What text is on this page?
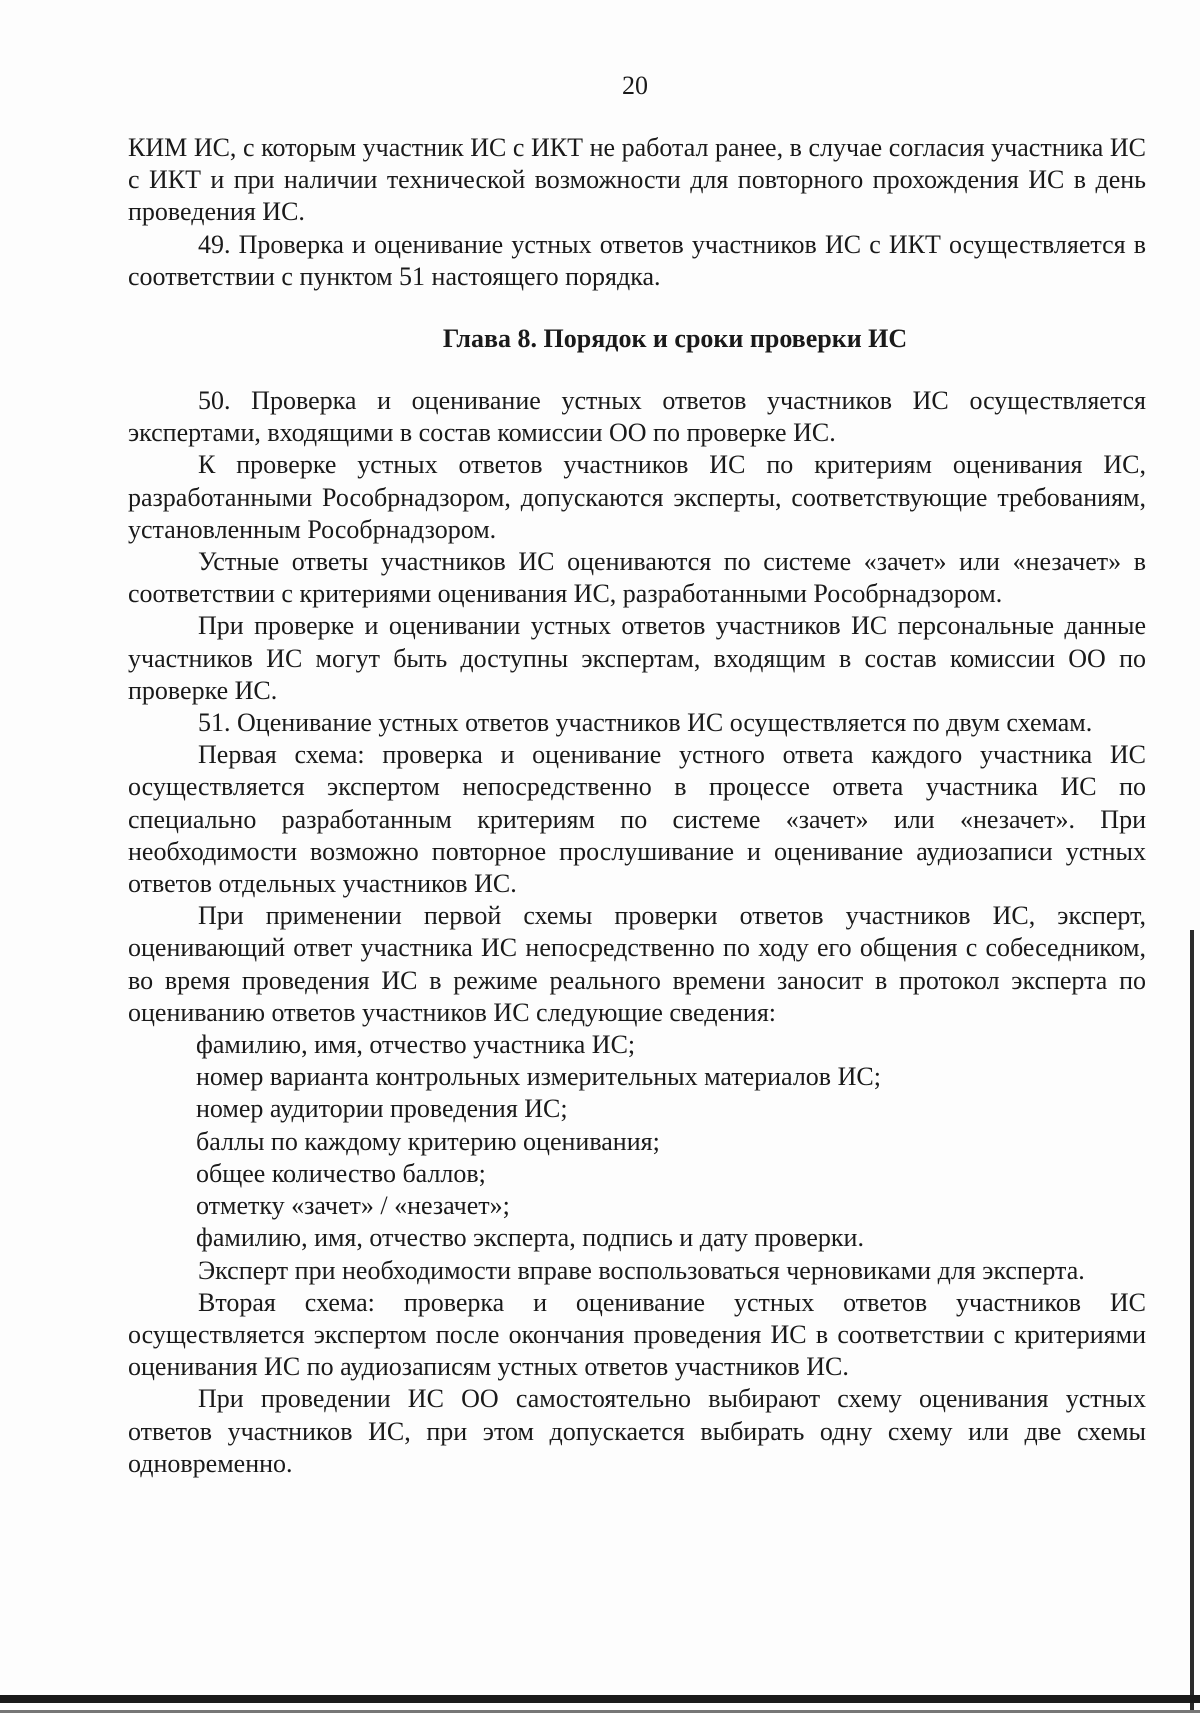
20

КИМ ИС, с которым участник ИС с ИКТ не работал ранее, в случае согласия участника ИС с ИКТ и при наличии технической возможности для повторного прохождения ИС в день проведения ИС.

49. Проверка и оценивание устных ответов участников ИС с ИКТ осуществляется в соответствии с пунктом 51 настоящего порядка.

Глава 8. Порядок и сроки проверки ИС

50. Проверка и оценивание устных ответов участников ИС осуществляется экспертами, входящими в состав комиссии ОО по проверке ИС.

К проверке устных ответов участников ИС по критериям оценивания ИС, разработанными Рособрнадзором, допускаются эксперты, соответствующие требованиям, установленным Рособрнадзором.

Устные ответы участников ИС оцениваются по системе «зачет» или «незачет» в соответствии с критериями оценивания ИС, разработанными Рособрнадзором.

При проверке и оценивании устных ответов участников ИС персональные данные участников ИС могут быть доступны экспертам, входящим в состав комиссии ОО по проверке ИС.

51. Оценивание устных ответов участников ИС осуществляется по двум схемам.

Первая схема: проверка и оценивание устного ответа каждого участника ИС осуществляется экспертом непосредственно в процессе ответа участника ИС по специально разработанным критериям по системе «зачет» или «незачет». При необходимости возможно повторное прослушивание и оценивание аудиозаписи устных ответов отдельных участников ИС.

При применении первой схемы проверки ответов участников ИС, эксперт, оценивающий ответ участника ИС непосредственно по ходу его общения с собеседником, во время проведения ИС в режиме реального времени заносит в протокол эксперта по оцениванию ответов участников ИС следующие сведения:

фамилию, имя, отчество участника ИС;

номер варианта контрольных измерительных материалов ИС;

номер аудитории проведения ИС;

баллы по каждому критерию оценивания;

общее количество баллов;

отметку «зачет» / «незачет»;

фамилию, имя, отчество эксперта, подпись и дату проверки.

Эксперт при необходимости вправе воспользоваться черновиками для эксперта.

Вторая схема: проверка и оценивание устных ответов участников ИС осуществляется экспертом после окончания проведения ИС в соответствии с критериями оценивания ИС по аудиозаписям устных ответов участников ИС.

При проведении ИС ОО самостоятельно выбирают схему оценивания устных ответов участников ИС, при этом допускается выбирать одну схему или две схемы одновременно.
